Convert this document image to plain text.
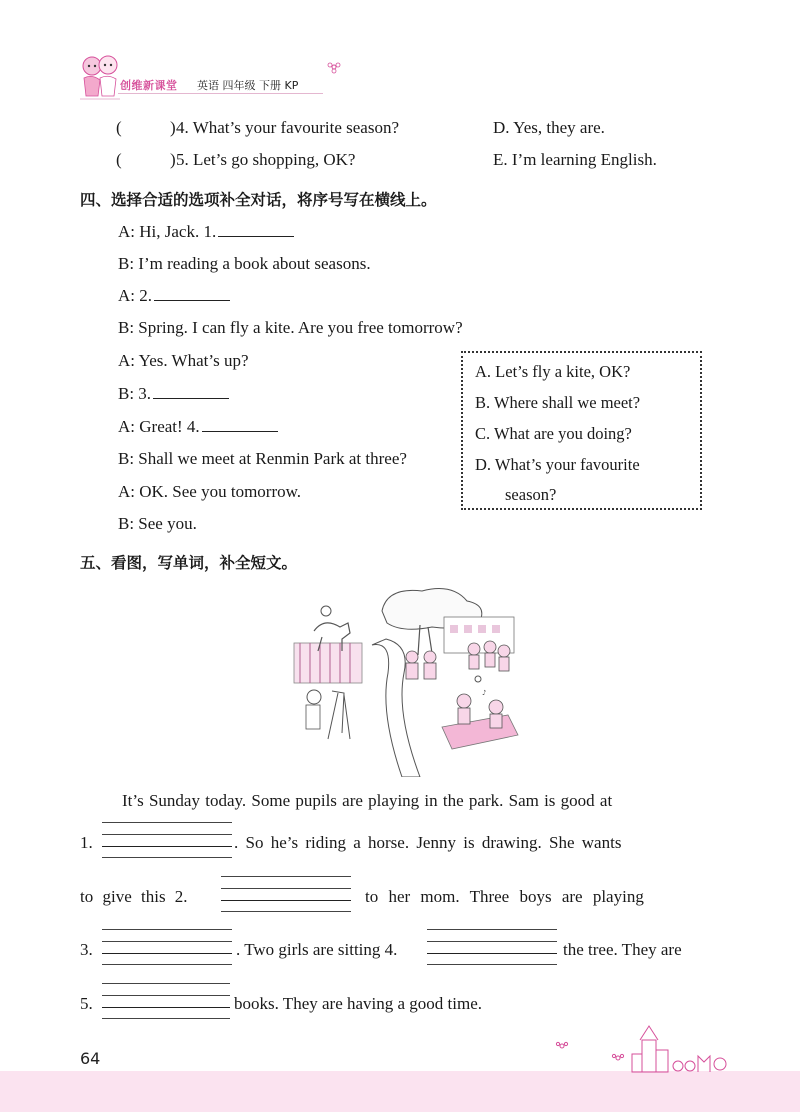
创维新课堂 英语 四年级 下册 KP
(	) 4. What’s your favourite season?	D. Yes, they are.
(	) 5. Let’s go shopping, OK?	E. I’m learning English.
四、选择合适的选项补全对话，将序号写在横线上。
A: Hi, Jack. 1.
B: I’m reading a book about seasons.
A: 2.
B: Spring. I can fly a kite. Are you free tomorrow?
A: Yes. What’s up?
B: 3.
A: Great! 4.
B: Shall we meet at Renmin Park at three?
A: OK. See you tomorrow.
B: See you.
A. Let’s fly a kite, OK?
B. Where shall we meet?
C. What are you doing?
D. What’s your favourite
season?
五、看图，写单词，补全短文。
♪
It’s Sunday today. Some pupils are playing in the park. Sam is good at
1.	. So he’s riding a horse. Jenny is drawing. She wants
to give this 2.	to her mom. Three boys are playing
3.	. Two girls are sitting 4.	the tree. They are
5.	books. They are having a good time.
64
